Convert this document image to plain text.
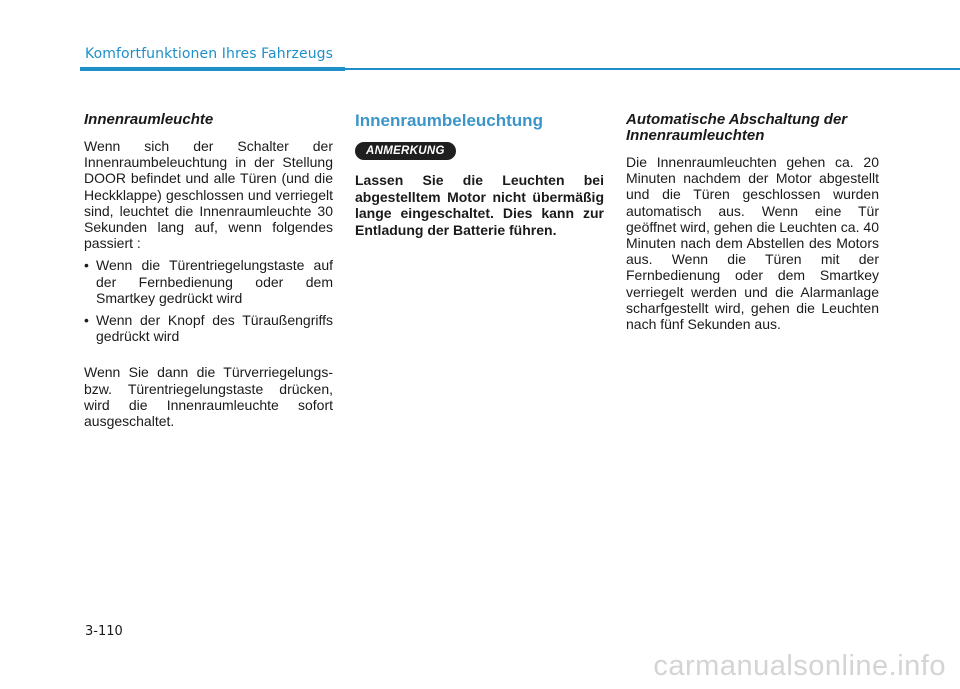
Komfortfunktionen Ihres Fahrzeugs
Innenraumleuchte

Wenn sich der Schalter der Innenraumbeleuchtung in der Stellung DOOR befindet und alle Türen (und die Heckklappe) geschlossen und verriegelt sind, leuchtet die Innenraumleuchte 30 Sekunden lang auf, wenn folgendes passiert :

• Wenn die Türentriegelungstaste auf der Fernbedienung oder dem Smartkey gedrückt wird
• Wenn der Knopf des Türaußengriffs gedrückt wird

Wenn Sie dann die Türverriegelungs- bzw. Türentriegelungstaste drücken, wird die Innenraumleuchte sofort ausgeschaltet.

Innenraumbeleuchtung
ANMERKUNG

Lassen Sie die Leuchten bei abgestelltem Motor nicht übermäßig lange eingeschaltet. Dies kann zur Entladung der Batterie führen.

Automatische Abschaltung der Innenraumleuchten

Die Innenraumleuchten gehen ca. 20 Minuten nachdem der Motor abgestellt und die Türen geschlossen wurden automatisch aus. Wenn eine Tür geöffnet wird, gehen die Leuchten ca. 40 Minuten nach dem Abstellen des Motors aus. Wenn die Türen mit der Fernbedienung oder dem Smartkey verriegelt werden und die Alarmanlage scharfgestellt wird, gehen die Leuchten nach fünf Sekunden aus.

3-110
carmanualsonline.info
